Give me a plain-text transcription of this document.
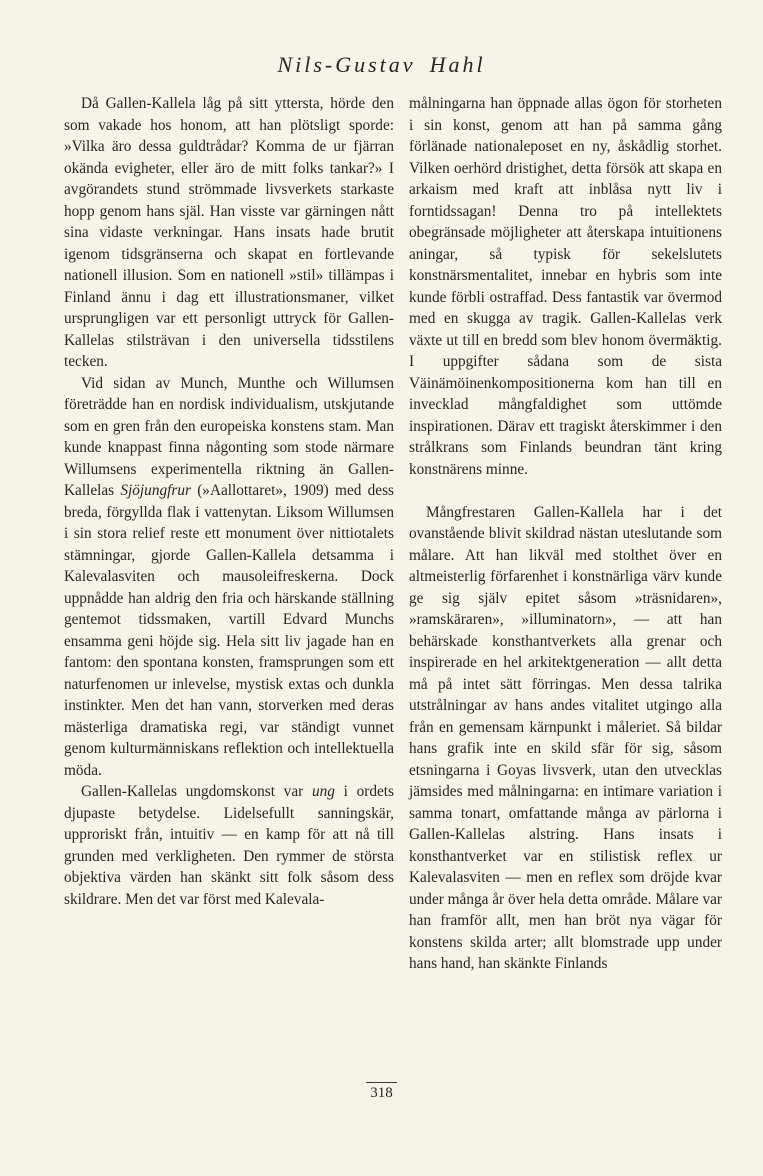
Nils-Gustav Hahl

Då Gallen-Kallela låg på sitt yttersta, hörde den som vakade hos honom, att han plötsligt sporde: »Vilka äro dessa guldtrådar? Komma de ur fjärran okända evigheter, eller äro de mitt folks tankar?» I avgörandets stund strömmade livsverkets starkaste hopp genom hans själ. Han visste var gärningen nått sina vidaste verkningar. Hans insats hade brutit igenom tidsgränserna och skapat en fortlevande nationell illusion. Som en nationell »stil» tillämpas i Finland ännu i dag ett illustrationsmaner, vilket ursprungligen var ett personligt uttryck för Gallen-Kallelas stilsträvan i den universella tidsstilens tecken.

Vid sidan av Munch, Munthe och Willumsen företrädde han en nordisk individualism, utskjutande som en gren från den europeiska konstens stam. Man kunde knappast finna någonting som stode närmare Willumsens experimentella riktning än Gallen-Kallelas Sjöjungfrur (»Aallottaret», 1909) med dess breda, förgyllda flak i vattenytan. Liksom Willumsen i sin stora relief reste ett monument över nittiotalets stämningar, gjorde Gallen-Kallela detsamma i Kalevalasviten och mausoleifreskerna. Dock uppnådde han aldrig den fria och härskande ställning gentemot tidssmaken, vartill Edvard Munchs ensamma geni höjde sig. Hela sitt liv jagade han en fantom: den spontana konsten, framsprungen som ett naturfenomen ur inlevelse, mystisk extas och dunkla instinkter. Men det han vann, storverken med deras mästerliga dramatiska regi, var ständigt vunnet genom kulturmänniskans reflektion och intellektuella möda.

Gallen-Kallelas ungdomskonst var ung i ordets djupaste betydelse. Lidelsefullt sanningskär, upproriskt från, intuitiv — en kamp för att nå till grunden med verkligheten. Den rymmer de största objektiva värden han skänkt sitt folk såsom dess skildrare. Men det var först med Kalevala-

målningarna han öppnade allas ögon för storheten i sin konst, genom att han på samma gång förlänade nationaleposet en ny, åskådlig storhet. Vilken oerhörd dristighet, detta försök att skapa en arkaism med kraft att inblåsa nytt liv i forntidssagan! Denna tro på intellektets obegränsade möjligheter att återskapa intuitionens aningar, så typisk för sekelslutets konstnärsmentalitet, innebar en hybris som inte kunde förbli ostraffad. Dess fantastik var övermod med en skugga av tragik. Gallen-Kallelas verk växte ut till en bredd som blev honom övermäktig. I uppgifter sådana som de sista Väinämöinenkompositionerna kom han till en invecklad mångfaldighet som uttömde inspirationen. Därav ett tragiskt återskimmer i den strålkrans som Finlands beundran tänt kring konstnärens minne.

Mångfrestaren Gallen-Kallela har i det ovanstående blivit skildrad nästan uteslutande som målare. Att han likväl med stolthet över en altmeisterlig förfarenhet i konstnärliga värv kunde ge sig själv epitet såsom »träsnidaren», »ramskäraren», »illuminatorn», — att han behärskade konsthantverkets alla grenar och inspirerade en hel arkitektgeneration — allt detta må på intet sätt förringas. Men dessa talrika utstrålningar av hans andes vitalitet utgingo alla från en gemensam kärnpunkt i måleriet. Så bildar hans grafik inte en skild sfär för sig, såsom etsningarna i Goyas livsverk, utan den utvecklas jämsides med målningarna: en intimare variation i samma tonart, omfattande många av pärlorna i Gallen-Kallelas alstring. Hans insats i konsthantverket var en stilistisk reflex ur Kalevalasviten — men en reflex som dröjde kvar under många år över hela detta område. Målare var han framför allt, men han bröt nya vägar för konstens skilda arter; allt blomstrade upp under hans hand, han skänkte Finlands

318
